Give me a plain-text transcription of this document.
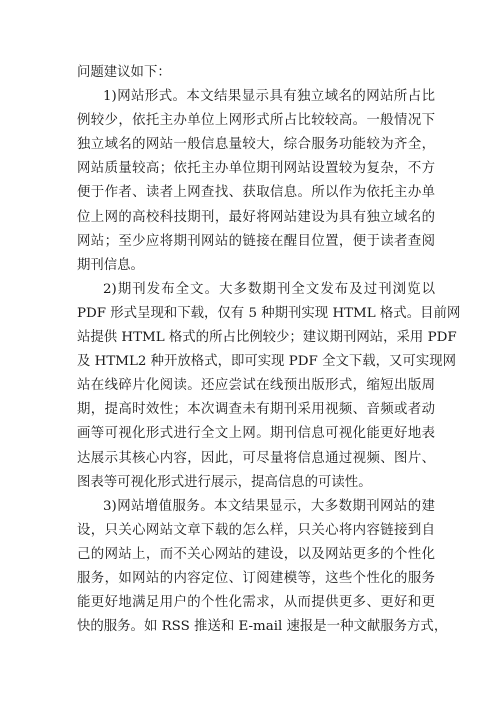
问题建议如下：
1)网站形式。本文结果显示具有独立域名的网站所占比
例较少，依托主办单位上网形式所占比较较高。一般情况下
独立域名的网站一般信息量较大，综合服务功能较为齐全，
网站质量较高；依托主办单位期刊网站设置较为复杂，不方
便于作者、读者上网查找、获取信息。所以作为依托主办单
位上网的高校科技期刊，最好将网站建设为具有独立域名的
网站；至少应将期刊网站的链接在醒目位置，便于读者查阅
期刊信息。
2)期刊发布全文。大多数期刊全文发布及过刊浏览以
PDF 形式呈现和下载，仅有 5 种期刊实现 HTML 格式。目前网
站提供 HTML 格式的所占比例较少；建议期刊网站，采用 PDF
及 HTML2 种开放格式，即可实现 PDF 全文下载，又可实现网
站在线碎片化阅读。还应尝试在线预出版形式，缩短出版周
期，提高时效性；本次调查未有期刊采用视频、音频或者动
画等可视化形式进行全文上网。期刊信息可视化能更好地表
达展示其核心内容，因此，可尽量将信息通过视频、图片、
图表等可视化形式进行展示，提高信息的可读性。
3)网站增值服务。本文结果显示，大多数期刊网站的建
设，只关心网站文章下载的怎么样，只关心将内容链接到自
己的网站上，而不关心网站的建设，以及网站更多的个性化
服务，如网站的内容定位、订阅建模等，这些个性化的服务
能更好地满足用户的个性化需求，从而提供更多、更好和更
快的服务。如 RSS 推送和 E-mail 速报是一种文献服务方式，
